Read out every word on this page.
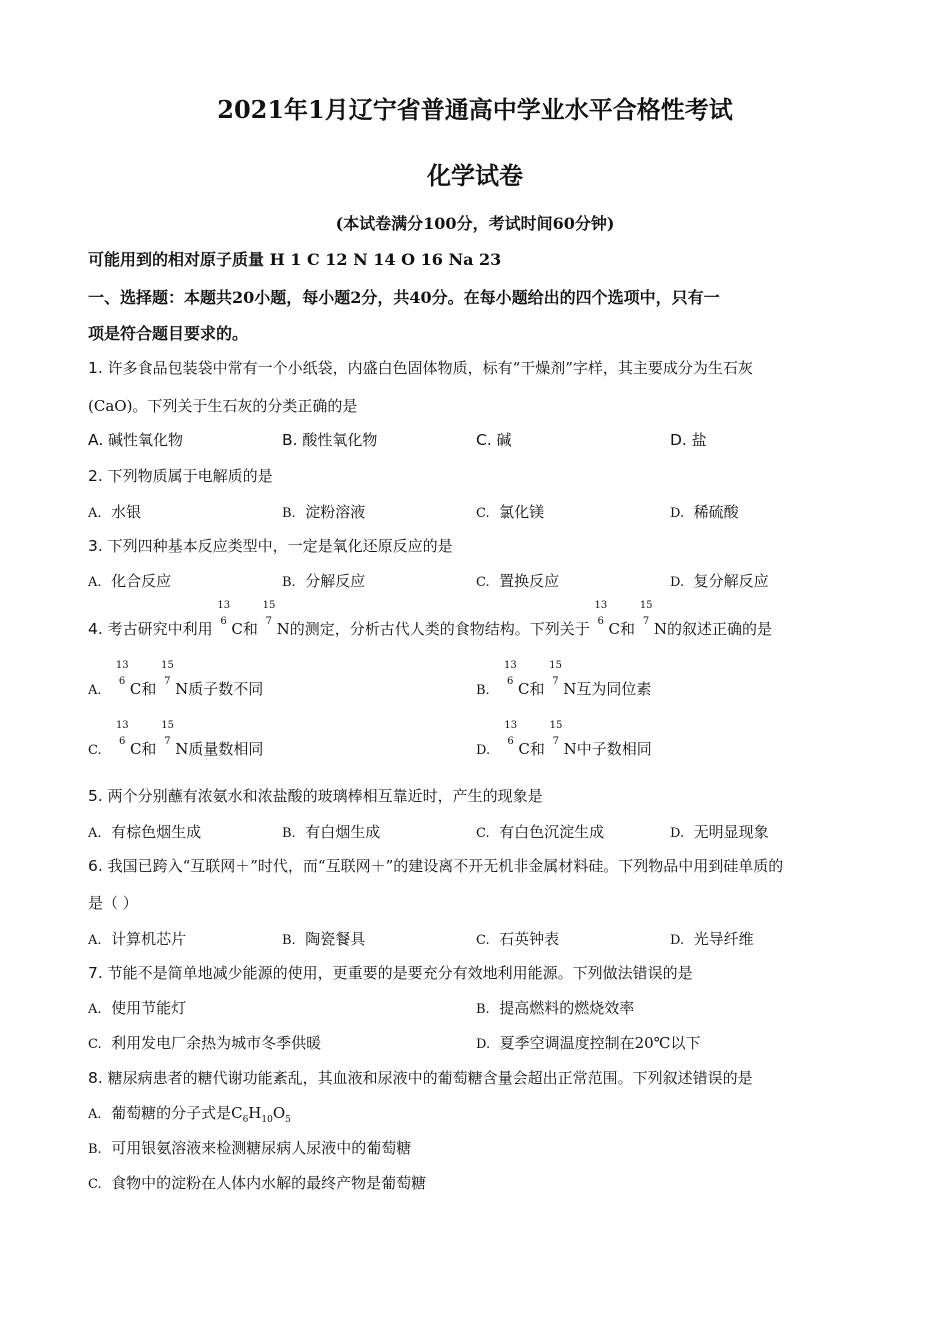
2021年1月辽宁省普通高中学业水平合格性考试
化学试卷
(本试卷满分100分，考试时间60分钟)
可能用到的相对原子质量 H 1 C 12 N 14 O 16 Na 23
一、选择题：本题共20小题，每小题2分，共40分。在每小题给出的四个选项中，只有一
项是符合题目要求的。
1. 许多食品包装袋中常有一个小纸袋，内盛白色固体物质，标有“干燥剂”字样，其主要成分为生石灰
(CaO)。下列关于生石灰的分类正确的是
A. 碱性氧化物	B. 酸性氧化物	C. 碱	D. 盐
2. 下列物质属于电解质的是
A. 水银	B. 淀粉溶液	C. 氯化镁	D. 稀硫酸
3. 下列四种基本反应类型中，一定是氧化还原反应的是
A. 化合反应	B. 分解反应	C. 置换反应	D. 复分解反应
4. 考古研究中利用
13
6 C和
15
7 N的测定，分析古代人类的食物结构。下列关于
13
6 C和
15
7 N的叙述正确的是
A.
13
6 C和
15
7 N质子数不同	B.
13
6 C和
15
7 N互为同位素
C.
13
6 C和
15
7 N质量数相同	D.
13
6 C和
15
7 N中子数相同
5. 两个分别蘸有浓氨水和浓盐酸的玻璃棒相互靠近时，产生的现象是
A. 有棕色烟生成	B. 有白烟生成	C. 有白色沉淀生成	D. 无明显现象
6. 我国已跨入“互联网＋”时代，而“互联网＋”的建设离不开无机非金属材料硅。下列物品中用到硅单质的
是（ ）
A. 计算机芯片	B. 陶瓷餐具	C. 石英钟表	D. 光导纤维
7. 节能不是简单地减少能源的使用，更重要的是要充分有效地利用能源。下列做法错误的是
A. 使用节能灯	B. 提高燃料的燃烧效率
C. 利用发电厂余热为城市冬季供暖	D. 夏季空调温度控制在20℃以下
8. 糖尿病患者的糖代谢功能紊乱，其血液和尿液中的葡萄糖含量会超出正常范围。下列叙述错误的是
A. 葡萄糖的分子式是$C_6H_{10}O_5$
B. 可用银氨溶液来检测糖尿病人尿液中的葡萄糖
C. 食物中的淀粉在人体内水解的最终产物是葡萄糖
